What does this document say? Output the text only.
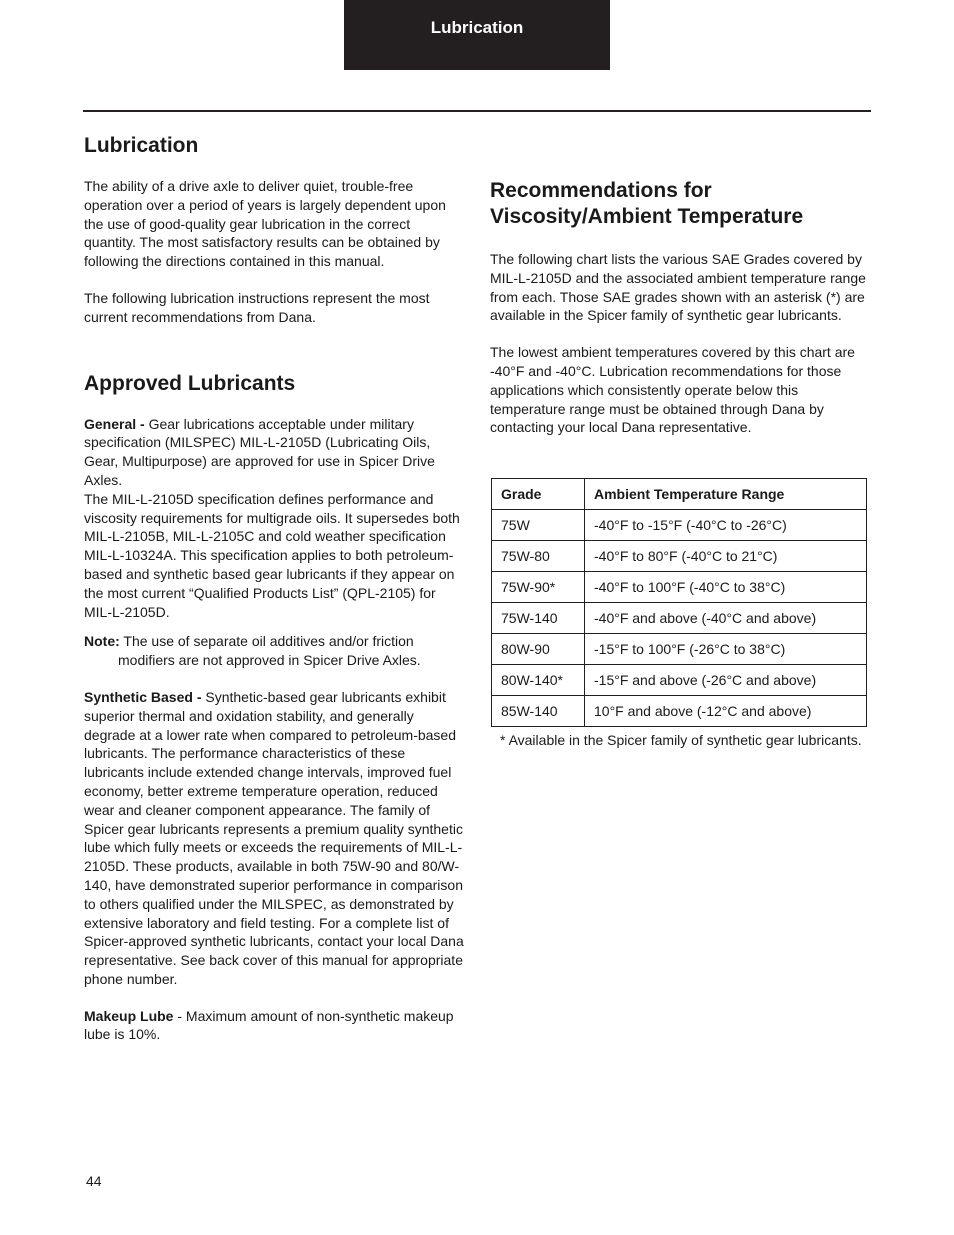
Lubrication
Lubrication

The ability of a drive axle to deliver quiet, trouble-free operation over a period of years is largely dependent upon the use of good-quality gear lubrication in the correct quantity. The most satisfactory results can be obtained by following the directions contained in this manual.

The following lubrication instructions represent the most current recommendations from Dana.

Approved Lubricants

General - Gear lubrications acceptable under military specification (MILSPEC) MIL-L-2105D (Lubricating Oils, Gear, Multipurpose) are approved for use in Spicer Drive Axles.

The MIL-L-2105D specification defines performance and viscosity requirements for multigrade oils. It supersedes both MIL-L-2105B, MIL-L-2105C and cold weather specification MIL-L-10324A. This specification applies to both petroleum-based and synthetic based gear lubricants if they appear on the most current “Qualified Products List” (QPL-2105) for MIL-L-2105D.

Note: The use of separate oil additives and/or friction modifiers are not approved in Spicer Drive Axles.

Synthetic Based - Synthetic-based gear lubricants exhibit superior thermal and oxidation stability, and generally degrade at a lower rate when compared to petroleum-based lubricants. The performance characteristics of these lubricants include extended change intervals, improved fuel economy, better extreme temperature operation, reduced wear and cleaner component appearance. The family of Spicer gear lubricants represents a premium quality synthetic lube which fully meets or exceeds the requirements of MIL-L-2105D. These products, available in both 75W-90 and 80/W-140, have demonstrated superior performance in comparison to others qualified under the MILSPEC, as demonstrated by extensive laboratory and field testing. For a complete list of Spicer-approved synthetic lubricants, contact your local Dana representative. See back cover of this manual for appropriate phone number.

Makeup Lube - Maximum amount of non-synthetic makeup lube is 10%.

Recommendations for Viscosity/Ambient Temperature

The following chart lists the various SAE Grades covered by MIL-L-2105D and the associated ambient temperature range from each. Those SAE grades shown with an asterisk (*) are available in the Spicer family of synthetic gear lubricants.

The lowest ambient temperatures covered by this chart are -40°F and -40°C. Lubrication recommendations for those applications which consistently operate below this temperature range must be obtained through Dana by contacting your local Dana representative.

Grade	Ambient Temperature Range
75W	-40°F to -15°F (-40°C to -26°C)
75W-80	-40°F to 80°F (-40°C to 21°C)
75W-90*	-40°F to 100°F (-40°C to 38°C)
75W-140	-40°F and above (-40°C and above)
80W-90	-15°F to 100°F (-26°C to 38°C)
80W-140*	-15°F and above (-26°C and above)
85W-140	10°F and above (-12°C and above)

* Available in the Spicer family of synthetic gear lubricants.

44
